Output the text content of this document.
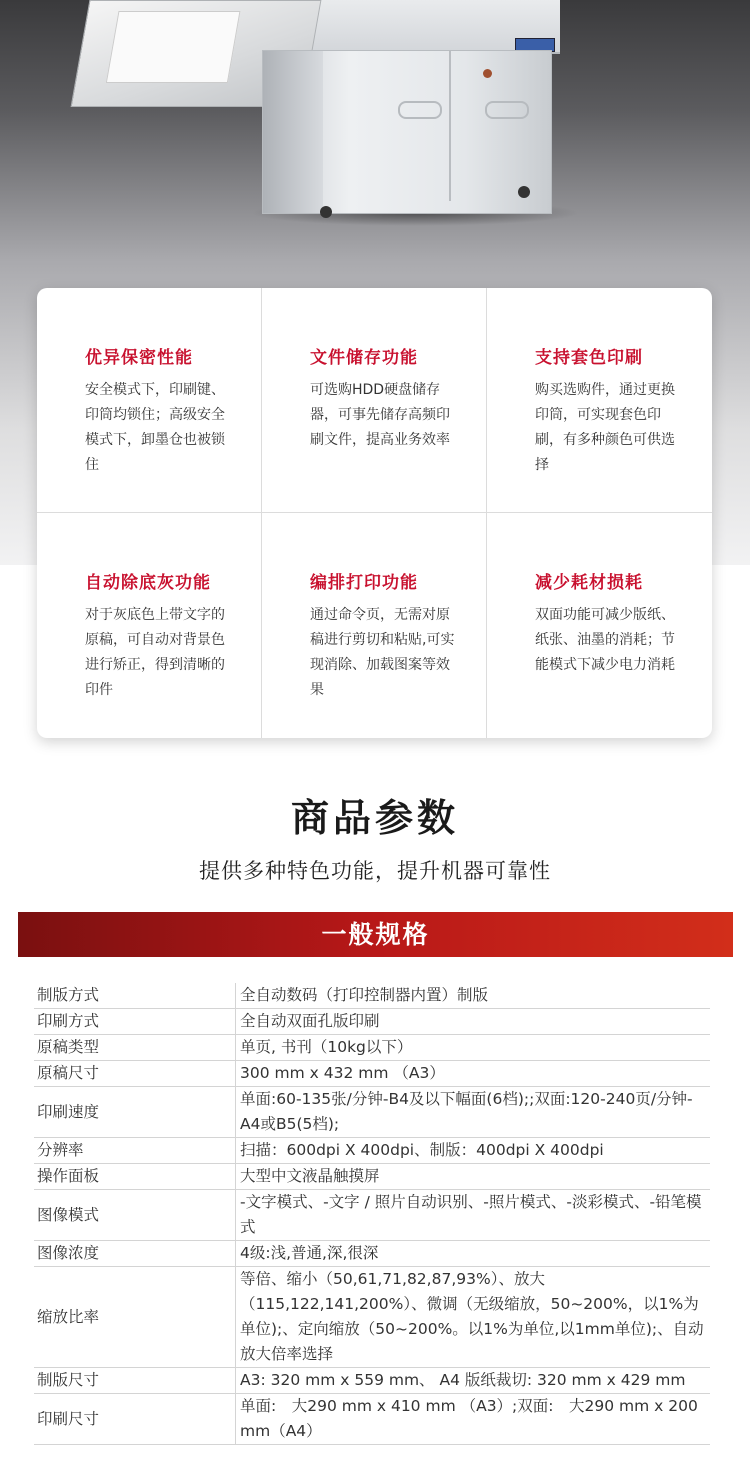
优异保密性能
安全模式下，印刷键、印筒均锁住；高级安全模式下，卸墨仓也被锁住
文件储存功能
可选购HDD硬盘储存器，可事先储存高频印刷文件，提高业务效率
支持套色印刷
购买选购件，通过更换印筒，可实现套色印刷，有多种颜色可供选择
自动除底灰功能
对于灰底色上带文字的原稿，可自动对背景色进行矫正，得到清晰的印件
编排打印功能
通过命令页，无需对原稿进行剪切和粘贴,可实现消除、加载图案等效果
减少耗材损耗
双面功能可减少版纸、纸张、油墨的消耗；节能模式下减少电力消耗
商品参数
提供多种特色功能，提升机器可靠性
一般规格
制版方式	全自动数码（打印控制器内置）制版
印刷方式	全自动双面孔版印刷
原稿类型	单页, 书刊（10kg以下）
原稿尺寸	300 mm x 432 mm （A3）
印刷速度	单面:60-135张/分钟-B4及以下幅面(6档);;双面:120-240页/分钟-A4或B5(5档);
分辨率	扫描：600dpi X 400dpi、制版：400dpi X 400dpi
操作面板	大型中文液晶触摸屏
图像模式	-文字模式、-文字 / 照片自动识别、-照片模式、-淡彩模式、-铅笔模式
图像浓度	4级:浅,普通,深,很深
缩放比率	等倍、缩小（50,61,71,82,87,93%）、放大（115,122,141,200%）、微调（无级缩放，50~200%，以1%为单位);、定向缩放（50~200%。以1%为单位,以1mm单位);、自动放大倍率选择
制版尺寸	A3: 320 mm x 559 mm、 A4 版纸裁切: 320 mm x 429 mm
印刷尺寸	单面:　大290 mm x 410 mm （A3）;双面:　大290 mm x 200 mm（A4）
